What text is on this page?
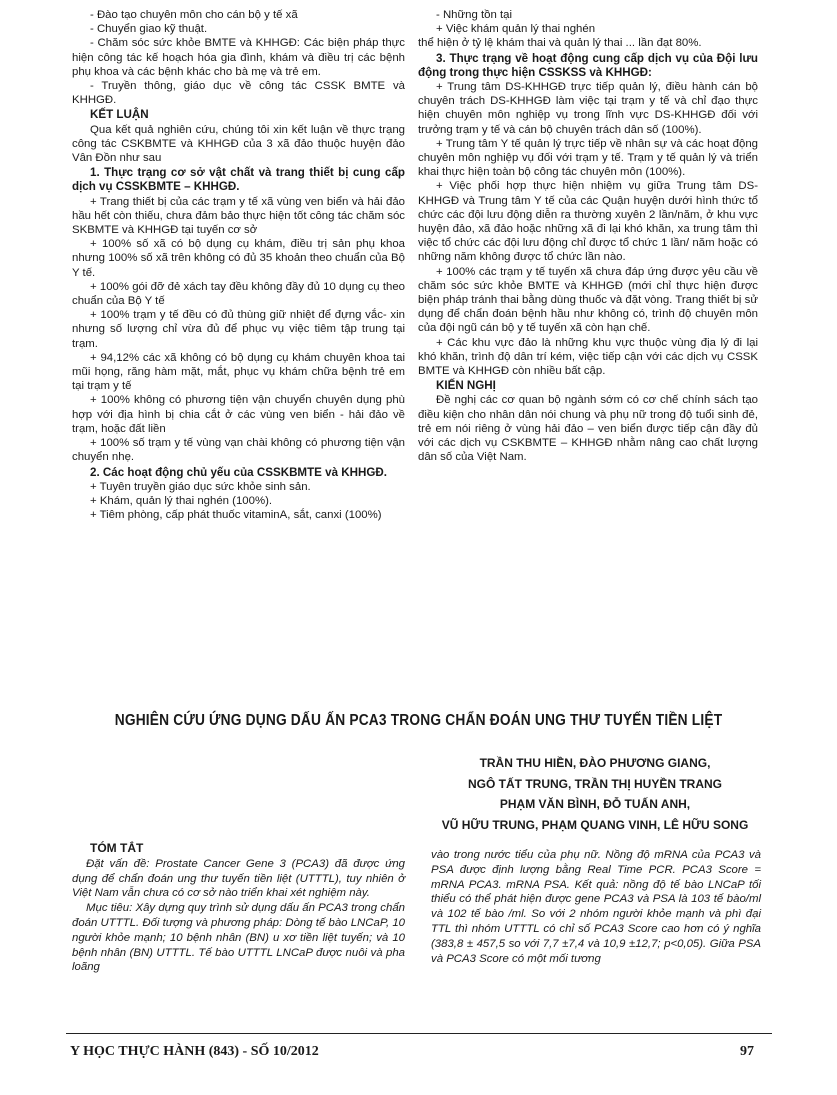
- Đào tạo chuyên môn cho cán bộ y tế xã

- Chuyển giao kỹ thuật.

- Chăm sóc sức khỏe BMTE và KHHGĐ: Các biện pháp thực hiện công tác kế hoạch hóa gia đình, khám và điều trị các bệnh phụ khoa và các bệnh khác cho bà mẹ và trẻ em.

- Truyền thông, giáo dục về công tác CSSK BMTE và KHHGĐ.

KẾT LUẬN

Qua kết quả nghiên cứu, chúng tôi xin kết luận về thực trạng công tác CSKBMTE và KHHGĐ của 3 xã đảo thuộc huyện đảo Vân Đồn như sau

1. Thực trạng cơ sở vật chất và trang thiết bị cung cấp dịch vụ CSSKBMTE – KHHGĐ.

+ Trang thiết bị của các trạm y tế xã vùng ven biển và hải đảo hầu hết còn thiếu, chưa đảm bảo thực hiện tốt công tác chăm sóc SKBMTE và KHHGĐ tại tuyến cơ sở

+ 100% số xã có bộ dụng cụ khám, điều trị sản phụ khoa nhưng 100% số xã trên không có đủ 35 khoản theo chuẩn của Bộ Y tế.

+ 100% gói đỡ đẻ xách tay đều không đầy đủ 10 dụng cụ theo chuẩn của Bộ Y tế

+ 100% trạm y tế đều có đủ thùng giữ nhiệt để đựng vắc- xin nhưng số lượng chỉ vừa đủ để phục vụ việc tiêm tập trung tại trạm.

+ 94,12% các xã không có bộ dụng cụ khám chuyên khoa tai mũi họng, răng hàm mặt, mắt, phục vụ khám chữa bệnh trẻ em tại trạm y tế

+ 100% không có phương tiện vận chuyển chuyên dụng phù hợp với địa hình bị chia cắt ở các vùng ven biển - hải đảo về trạm, hoặc đất liền

+ 100% số trạm y tế vùng vạn chài không có phương tiện vận chuyển nhẹ.

2. Các hoạt động chủ yếu của CSSKBMTE và KHHGĐ.

+ Tuyên truyền giáo dục sức khỏe sinh sản.

+ Khám, quản lý thai nghén (100%).

+ Tiêm phòng, cấp phát thuốc vitaminA, sắt, canxi (100%)

- Những tồn tại

+ Việc khám quản lý thai nghén

thể hiện ở tỷ lệ khám thai và quản lý thai ... lần đạt 80%.

3. Thực trạng về hoạt động cung cấp dịch vụ của Đội lưu động trong thực hiện CSSKSS và KHHGĐ:

+ Trung tâm DS-KHHGĐ trực tiếp quản lý, điều hành cán bộ chuyên trách DS-KHHGĐ làm việc tại trạm y tế và chỉ đạo thực hiện chuyên môn nghiệp vụ trong lĩnh vực DS-KHHGĐ đối với trưởng trạm y tế và cán bộ chuyên trách dân số (100%).

+ Trung tâm Y tế quản lý trực tiếp về nhân sự và các hoạt động chuyên môn nghiệp vụ đối với trạm y tế. Trạm y tế quản lý và triển khai thực hiện toàn bộ công tác chuyên môn (100%).

+ Việc phối hợp thực hiện nhiệm vụ giữa Trung tâm DS-KHHGĐ và Trung tâm Y tế của các Quận huyện dưới hình thức tổ chức các đội lưu động diễn ra thường xuyên 2 lần/năm, ở khu vực huyện đảo, xã đảo hoặc những xã đi lại khó khăn, xa trung tâm thì việc tổ chức các đội lưu động chỉ được tổ chức 1 lần/ năm hoặc có những năm không được tổ chức lần nào.

+ 100% các trạm y tế tuyến xã chưa đáp ứng được yêu cầu về chăm sóc sức khỏe BMTE và KHHGĐ (mới chỉ thực hiện được biện pháp tránh thai bằng dùng thuốc và đặt vòng. Trang thiết bị sử dụng để chẩn đoán bệnh hầu như không có, trình độ chuyên môn của đội ngũ cán bộ y tế tuyến xã còn hạn chế.

+ Các khu vực đảo là những khu vực thuộc vùng địa lý đi lại khó khăn, trình độ dân trí kém, việc tiếp cận với các dịch vụ CSSK BMTE và KHHGĐ còn nhiều bất cập.

KIẾN NGHỊ

Đề nghị các cơ quan bộ ngành sớm có cơ chế chính sách tạo điều kiện cho nhân dân nói chung và phụ nữ trong độ tuổi sinh đẻ, trẻ em nói riêng ở vùng hải đảo – ven biển được tiếp cận đầy đủ với các dịch vụ CSKBMTE – KHHGĐ nhằm nâng cao chất lượng dân số của Việt Nam.

NGHIÊN CỨU ỨNG DỤNG DẤU ẤN PCA3 TRONG CHẨN ĐOÁN UNG THƯ TUYẾN TIỀN LIỆT
TRẦN THU HIỀN, ĐÀO PHƯƠNG GIANG,
NGÔ TẤT TRUNG, TRẦN THỊ HUYỀN TRANG
PHẠM VĂN BÌNH, ĐỖ TUẤN ANH,
VŨ HỮU TRUNG, PHẠM QUANG VINH, LÊ HỮU SONG
TÓM TẮT

Đặt vấn đề: Prostate Cancer Gene 3 (PCA3) đã được ứng dụng để chẩn đoán ung thư tuyến tiền liệt (UTTTL), tuy nhiên ở Việt Nam vẫn chưa có cơ sở nào triển khai xét nghiệm này.

Mục tiêu: Xây dựng quy trình sử dụng dấu ấn PCA3 trong chẩn đoán UTTTL. Đối tượng và phương pháp: Dòng tế bào LNCaP, 10 người khỏe mạnh; 10 bệnh nhân (BN) u xơ tiền liệt tuyến; và 10 bệnh nhân (BN) UTTTL. Tế bào UTTTL LNCaP được nuôi và pha loãng

vào trong nước tiểu của phụ nữ. Nồng độ mRNA của PCA3 và PSA được định lượng bằng Real Time PCR. PCA3 Score = mRNA PCA3. mRNA PSA. Kết quả: nồng độ tế bào LNCaP tối thiểu có thể phát hiện được gene PCA3 và PSA là 103 tế bào/ml và 102 tế bào /ml. So với 2 nhóm người khỏe mạnh và phì đại TTL thì nhóm UTTTL có chỉ số PCA3 Score cao hơn có ý nghĩa (383,8 ± 457,5 so với 7,7 ±7,4 và 10,9 ±12,7; p<0,05). Giữa PSA và PCA3 Score có một mối tương

Y HỌC THỰC HÀNH (843) - SỐ 10/2012	97
